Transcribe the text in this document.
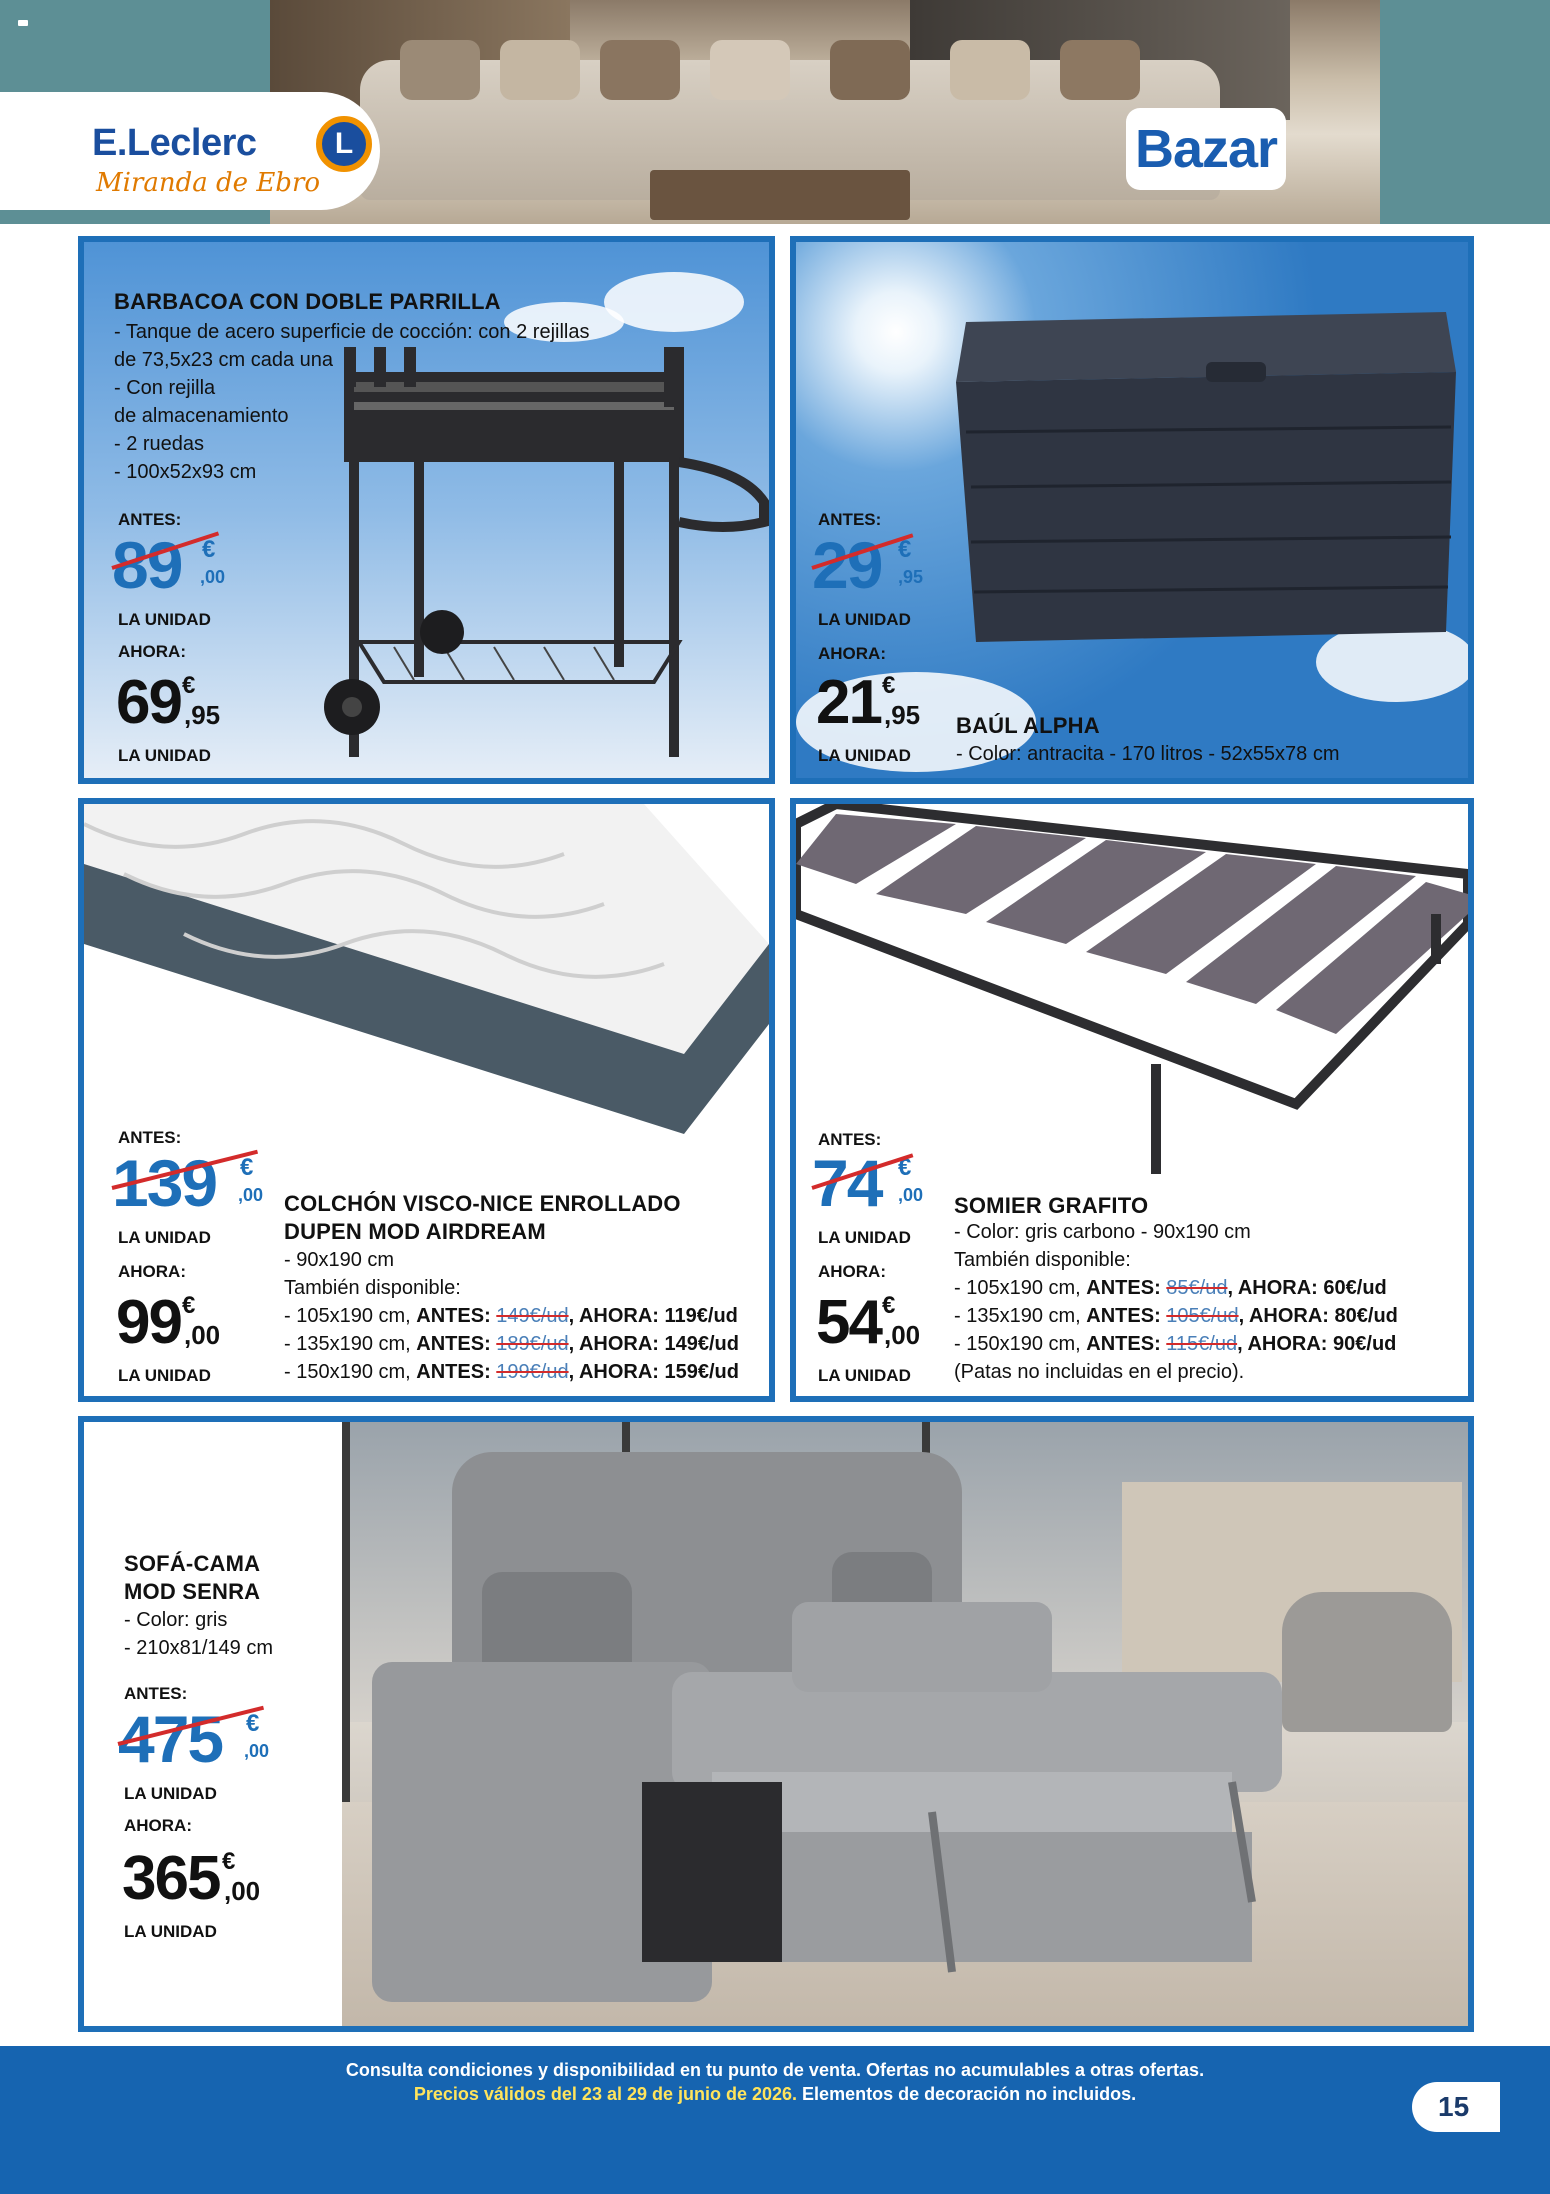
E.Leclerc	L
Miranda de Ebro
Bazar
BARBACOA CON DOBLE PARRILLA
- Tanque de acero superficie de cocción: con 2 rejillas
de 73,5x23 cm cada una
- Con rejilla
de almacenamiento
- 2 ruedas
- 100x52x93 cm
ANTES:
89 €
,00
LA UNIDAD
AHORA:
69 €
,95
LA UNIDAD
ANTES:
29 €
,95
LA UNIDAD
AHORA:
21 €
,95
LA UNIDAD
BAÚL ALPHA
- Color: antracita - 170 litros - 52x55x78 cm
ANTES:
139 €
,00
LA UNIDAD
AHORA:
99 €
,00
LA UNIDAD
COLCHÓN VISCO-NICE ENROLLADO
DUPEN MOD AIRDREAM
- 90x190 cm
También disponible:
- 105x190 cm, ANTES: 149€/ud, AHORA: 119€/ud
- 135x190 cm, ANTES: 189€/ud, AHORA: 149€/ud
- 150x190 cm, ANTES: 199€/ud, AHORA: 159€/ud
ANTES:
74 €
,00
LA UNIDAD
AHORA:
54 €
,00
LA UNIDAD
SOMIER GRAFITO
- Color: gris carbono - 90x190 cm
También disponible:
- 105x190 cm, ANTES: 85€/ud, AHORA: 60€/ud
- 135x190 cm, ANTES: 105€/ud, AHORA: 80€/ud
- 150x190 cm, ANTES: 115€/ud, AHORA: 90€/ud
(Patas no incluidas en el precio).
SOFÁ-CAMA
MOD SENRA
- Color: gris
- 210x81/149 cm
ANTES:
475 €
,00
LA UNIDAD
AHORA:
365 €
,00
LA UNIDAD
Consulta condiciones y disponibilidad en tu punto de venta. Ofertas no acumulables a otras ofertas.
Precios válidos del 23 al 29 de junio de 2026. Elementos de decoración no incluidos.	15
